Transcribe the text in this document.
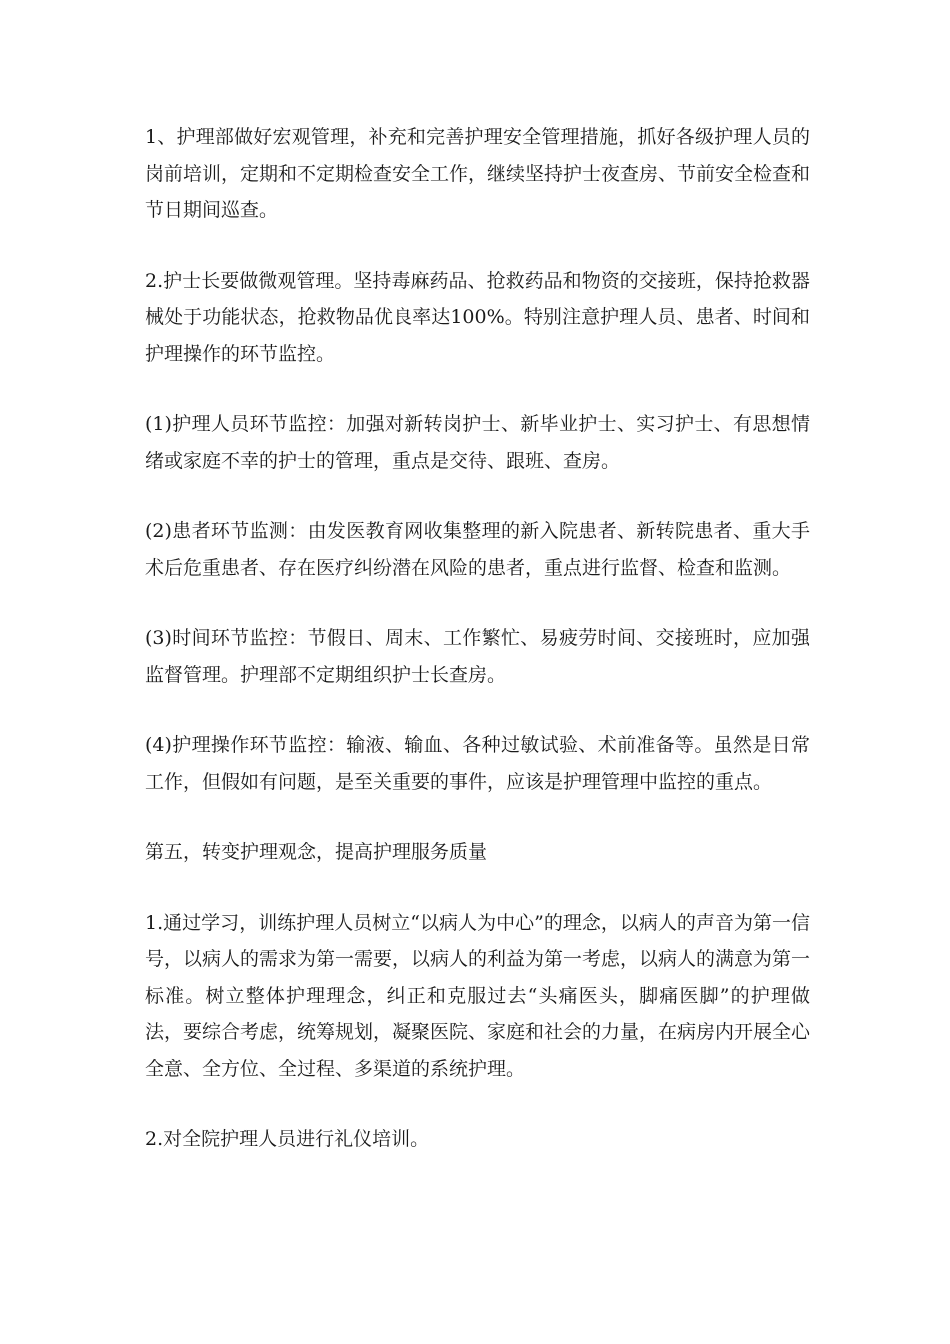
1、护理部做好宏观管理，补充和完善护理安全管理措施，抓好各级护理人员的岗前培训，定期和不定期检查安全工作，继续坚持护士夜查房、节前安全检查和节日期间巡查。

2.护士长要做微观管理。坚持毒麻药品、抢救药品和物资的交接班，保持抢救器械处于功能状态，抢救物品优良率达100%。特别注意护理人员、患者、时间和护理操作的环节监控。

(1)护理人员环节监控：加强对新转岗护士、新毕业护士、实习护士、有思想情绪或家庭不幸的护士的管理，重点是交待、跟班、查房。

(2)患者环节监测：由发医教育网收集整理的新入院患者、新转院患者、重大手术后危重患者、存在医疗纠纷潜在风险的患者，重点进行监督、检查和监测。

(3)时间环节监控：节假日、周末、工作繁忙、易疲劳时间、交接班时，应加强监督管理。护理部不定期组织护士长查房。

(4)护理操作环节监控：输液、输血、各种过敏试验、术前准备等。虽然是日常工作，但假如有问题，是至关重要的事件，应该是护理管理中监控的重点。

第五，转变护理观念，提高护理服务质量

1.通过学习，训练护理人员树立“以病人为中心”的理念，以病人的声音为第一信号，以病人的需求为第一需要，以病人的利益为第一考虑，以病人的满意为第一标准。树立整体护理理念，纠正和克服过去“头痛医头，脚痛医脚”的护理做法，要综合考虑，统筹规划，凝聚医院、家庭和社会的力量，在病房内开展全心全意、全方位、全过程、多渠道的系统护理。

2.对全院护理人员进行礼仪培训。
